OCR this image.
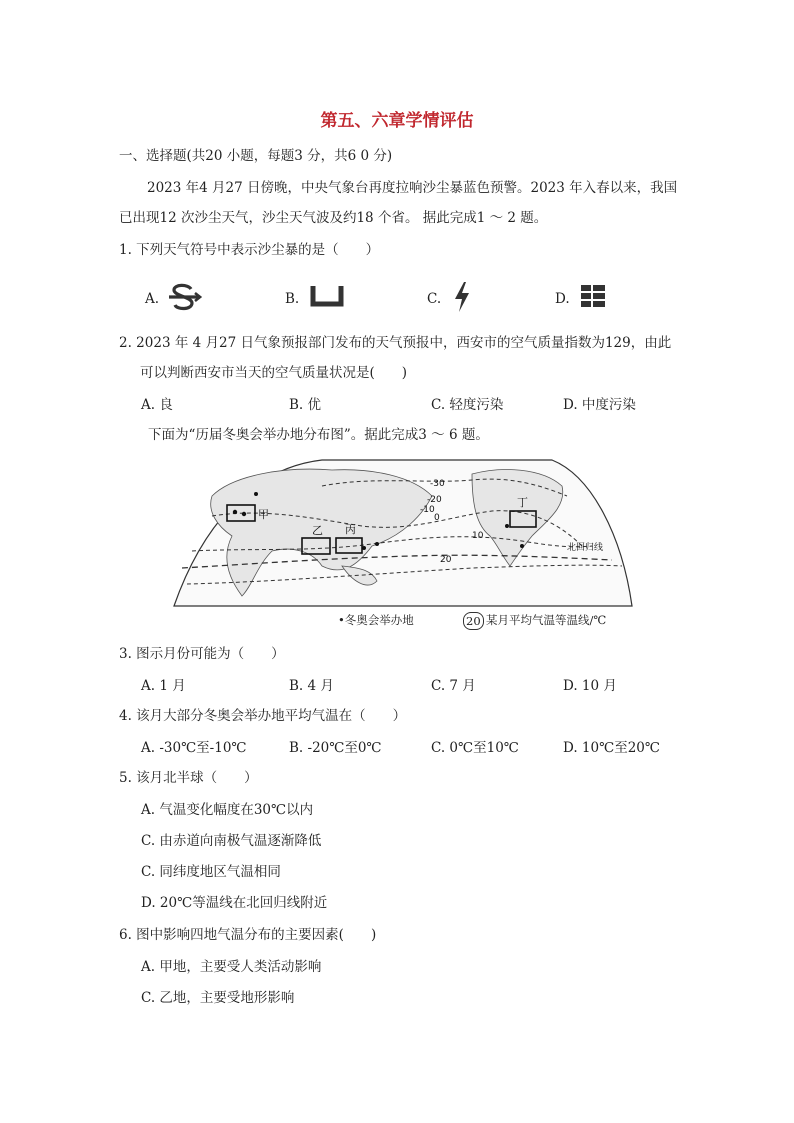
第五、六章学情评估
一、选择题(共20 小题，每题3 分，共6 0 分)
2023 年4 月27 日傍晚，中央气象台再度拉响沙尘暴蓝色预警。2023 年入春以来，我国
已出现12 次沙尘天气，沙尘天气波及约18 个省。 据此完成1 ～ 2 题。
1. 下列天气符号中表示沙尘暴的是（　　）
A.	B.	C.	D.
2. 2023 年 4 月27 日气象预报部门发布的天气预报中，西安市的空气质量指数为129，由此
可以判断西安市当天的空气质量状况是(　　)
A. 良	B. 优	C. 轻度污染	D. 中度污染
下面为“历届冬奥会举办地分布图”。据此完成3 ～ 6 题。
甲
乙 丙
丁
北回归线
-30
-20
-10
0
10
20
•冬奥会举办地	20 某月平均气温等温线/℃
3. 图示月份可能为（　　）
A. 1 月	B. 4 月	C. 7 月	D. 10 月
4. 该月大部分冬奥会举办地平均气温在（　　）
A. -30℃至-10℃	B. -20℃至0℃	C. 0℃至10℃	D. 10℃至20℃
5. 该月北半球（　　）
A. 气温变化幅度在30℃以内
C. 由赤道向南极气温逐渐降低
C. 同纬度地区气温相同
D. 20℃等温线在北回归线附近
6. 图中影响四地气温分布的主要因素(　　)
A. 甲地，主要受人类活动影响
C. 乙地，主要受地形影响
